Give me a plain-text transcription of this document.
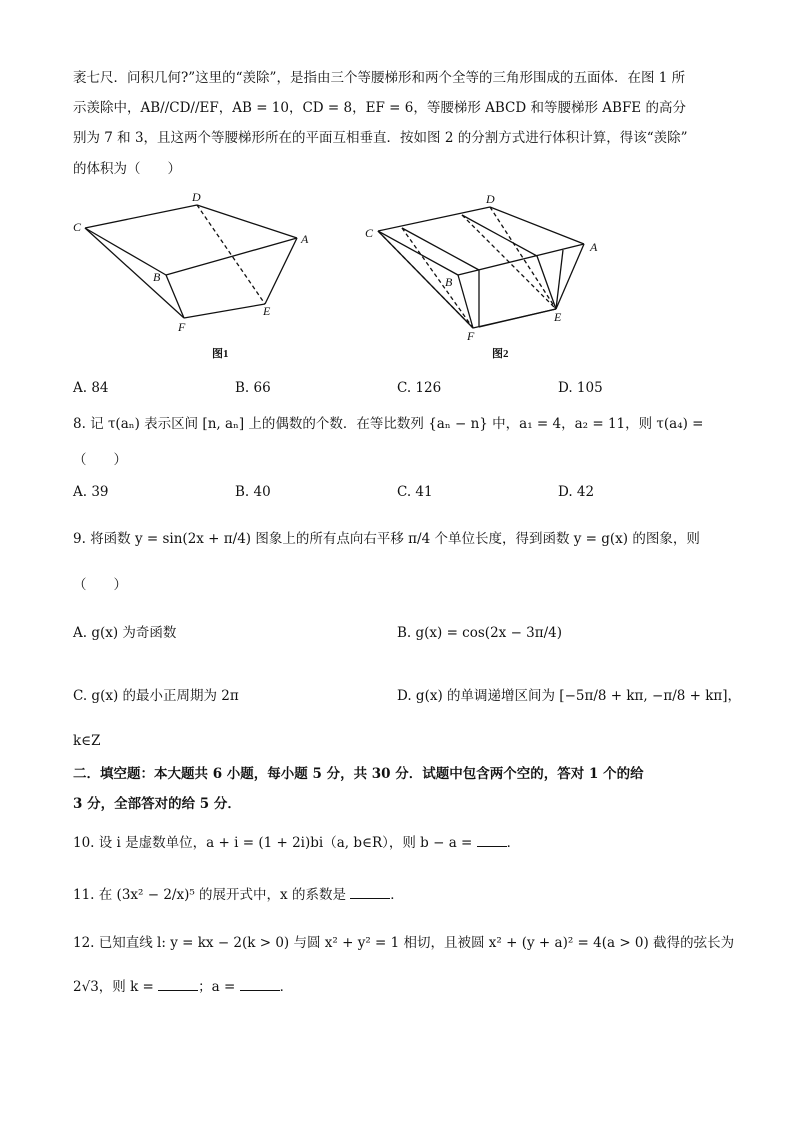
袤七尺．问积几何?”这里的“羡除”，是指由三个等腰梯形和两个全等的三角形围成的五面体．在图 1 所
示羡除中，AB//CD//EF，AB = 10，CD = 8，EF = 6，等腰梯形 ABCD 和等腰梯形 ABFE 的高分
别为 7 和 3，且这两个等腰梯形所在的平面互相垂直．按如图 2 的分割方式进行体积计算，得该“羡除”
的体积为（　　）
C
D
A
B
F
E
图1
C
D
A
B
F
E
图2
A. 84	B. 66	C. 126	D. 105
8. 记 τ(aₙ) 表示区间 [n, aₙ] 上的偶数的个数．在等比数列 {aₙ − n} 中，a₁ = 4，a₂ = 11，则 τ(a₄) =
（　　）
A. 39	B. 40	C. 41	D. 42
9. 将函数 y = sin(2x + π/4) 图象上的所有点向右平移 π/4 个单位长度，得到函数 y = g(x) 的图象，则
（　　）
A. g(x) 为奇函数	B. g(x) = cos(2x − 3π/4)
C. g(x) 的最小正周期为 2π	D. g(x) 的单调递增区间为 [−5π/8 + kπ, −π/8 + kπ]，
k∈Z
二．填空题：本大题共 6 小题，每小题 5 分，共 30 分．试题中包含两个空的，答对 1 个的给
3 分，全部答对的给 5 分．
10. 设 i 是虚数单位，a + i = (1 + 2i)bi（a, b∈R），则 b − a =	．
11. 在 (3x² − 2/x)⁵ 的展开式中，x 的系数是	．
12. 已知直线 l: y = kx − 2(k > 0) 与圆 x² + y² = 1 相切，且被圆 x² + (y + a)² = 4(a > 0) 截得的弦长为
2√3，则 k =	；a =	．
